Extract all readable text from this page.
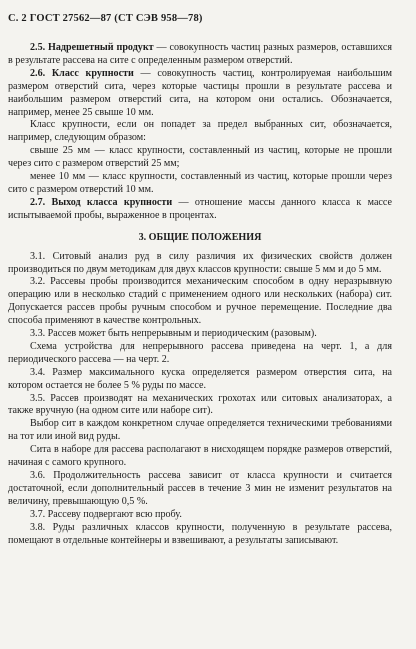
С. 2 ГОСТ 27562—87 (СТ СЭВ 958—78)

2.5. Надрешетный продукт — совокупность частиц разных размеров, оставшихся в результате рассева на сите с определенным размером отверстий.

2.6. Класс крупности — совокупность частиц, контролируемая наибольшим размером отверстий сита, через которые частицы прошли в результате рассева и наибольшим размером отверстий сита, на котором они остались. Обозначается, например, менее 25 свыше 10 мм.

Класс крупности, если он попадет за предел выбранных сит, обозначается, например, следующим образом:

свыше 25 мм — класс крупности, составленный из частиц, которые не прошли через сито с размером отверстий 25 мм;

менее 10 мм — класс крупности, составленный из частиц, которые прошли через сито с размером отверстий 10 мм.

2.7. Выход класса крупности — отношение массы данного класса к массе испытываемой пробы, выраженное в процентах.

3. ОБЩИЕ ПОЛОЖЕНИЯ

3.1. Ситовый анализ руд в силу различия их физических свойств должен производиться по двум методикам для двух классов крупности: свыше 5 мм и до 5 мм.

3.2. Рассевы пробы производится механическим способом в одну неразрывную операцию или в несколько стадий с применением одного или нескольких (набора) сит. Допускается рассев пробы ручным способом и ручное перемещение. Последние два способа применяют в качестве контрольных.

3.3. Рассев может быть непрерывным и периодическим (разовым).

Схема устройства для непрерывного рассева приведена на черт. 1, а для периодического рассева — на черт. 2.

3.4. Размер максимального куска определяется размером отверстия сита, на котором остается не более 5 % руды по массе.

3.5. Рассев производят на механических грохотах или ситовых анализаторах, а также вручную (на одном сите или наборе сит).

Выбор сит в каждом конкретном случае определяется техническими требованиями на тот или иной вид руды.

Сита в наборе для рассева располагают в нисходящем порядке размеров отверстий, начиная с самого крупного.

3.6. Продолжительность рассева зависит от класса крупности и считается достаточной, если дополнительный рассев в течение 3 мин не изменит результатов на величину, превышающую 0,5 %.

3.7. Рассеву подвергают всю пробу.

3.8. Руды различных классов крупности, полученную в результате рассева, помещают в отдельные контейнеры и взвешивают, а результаты записывают.
